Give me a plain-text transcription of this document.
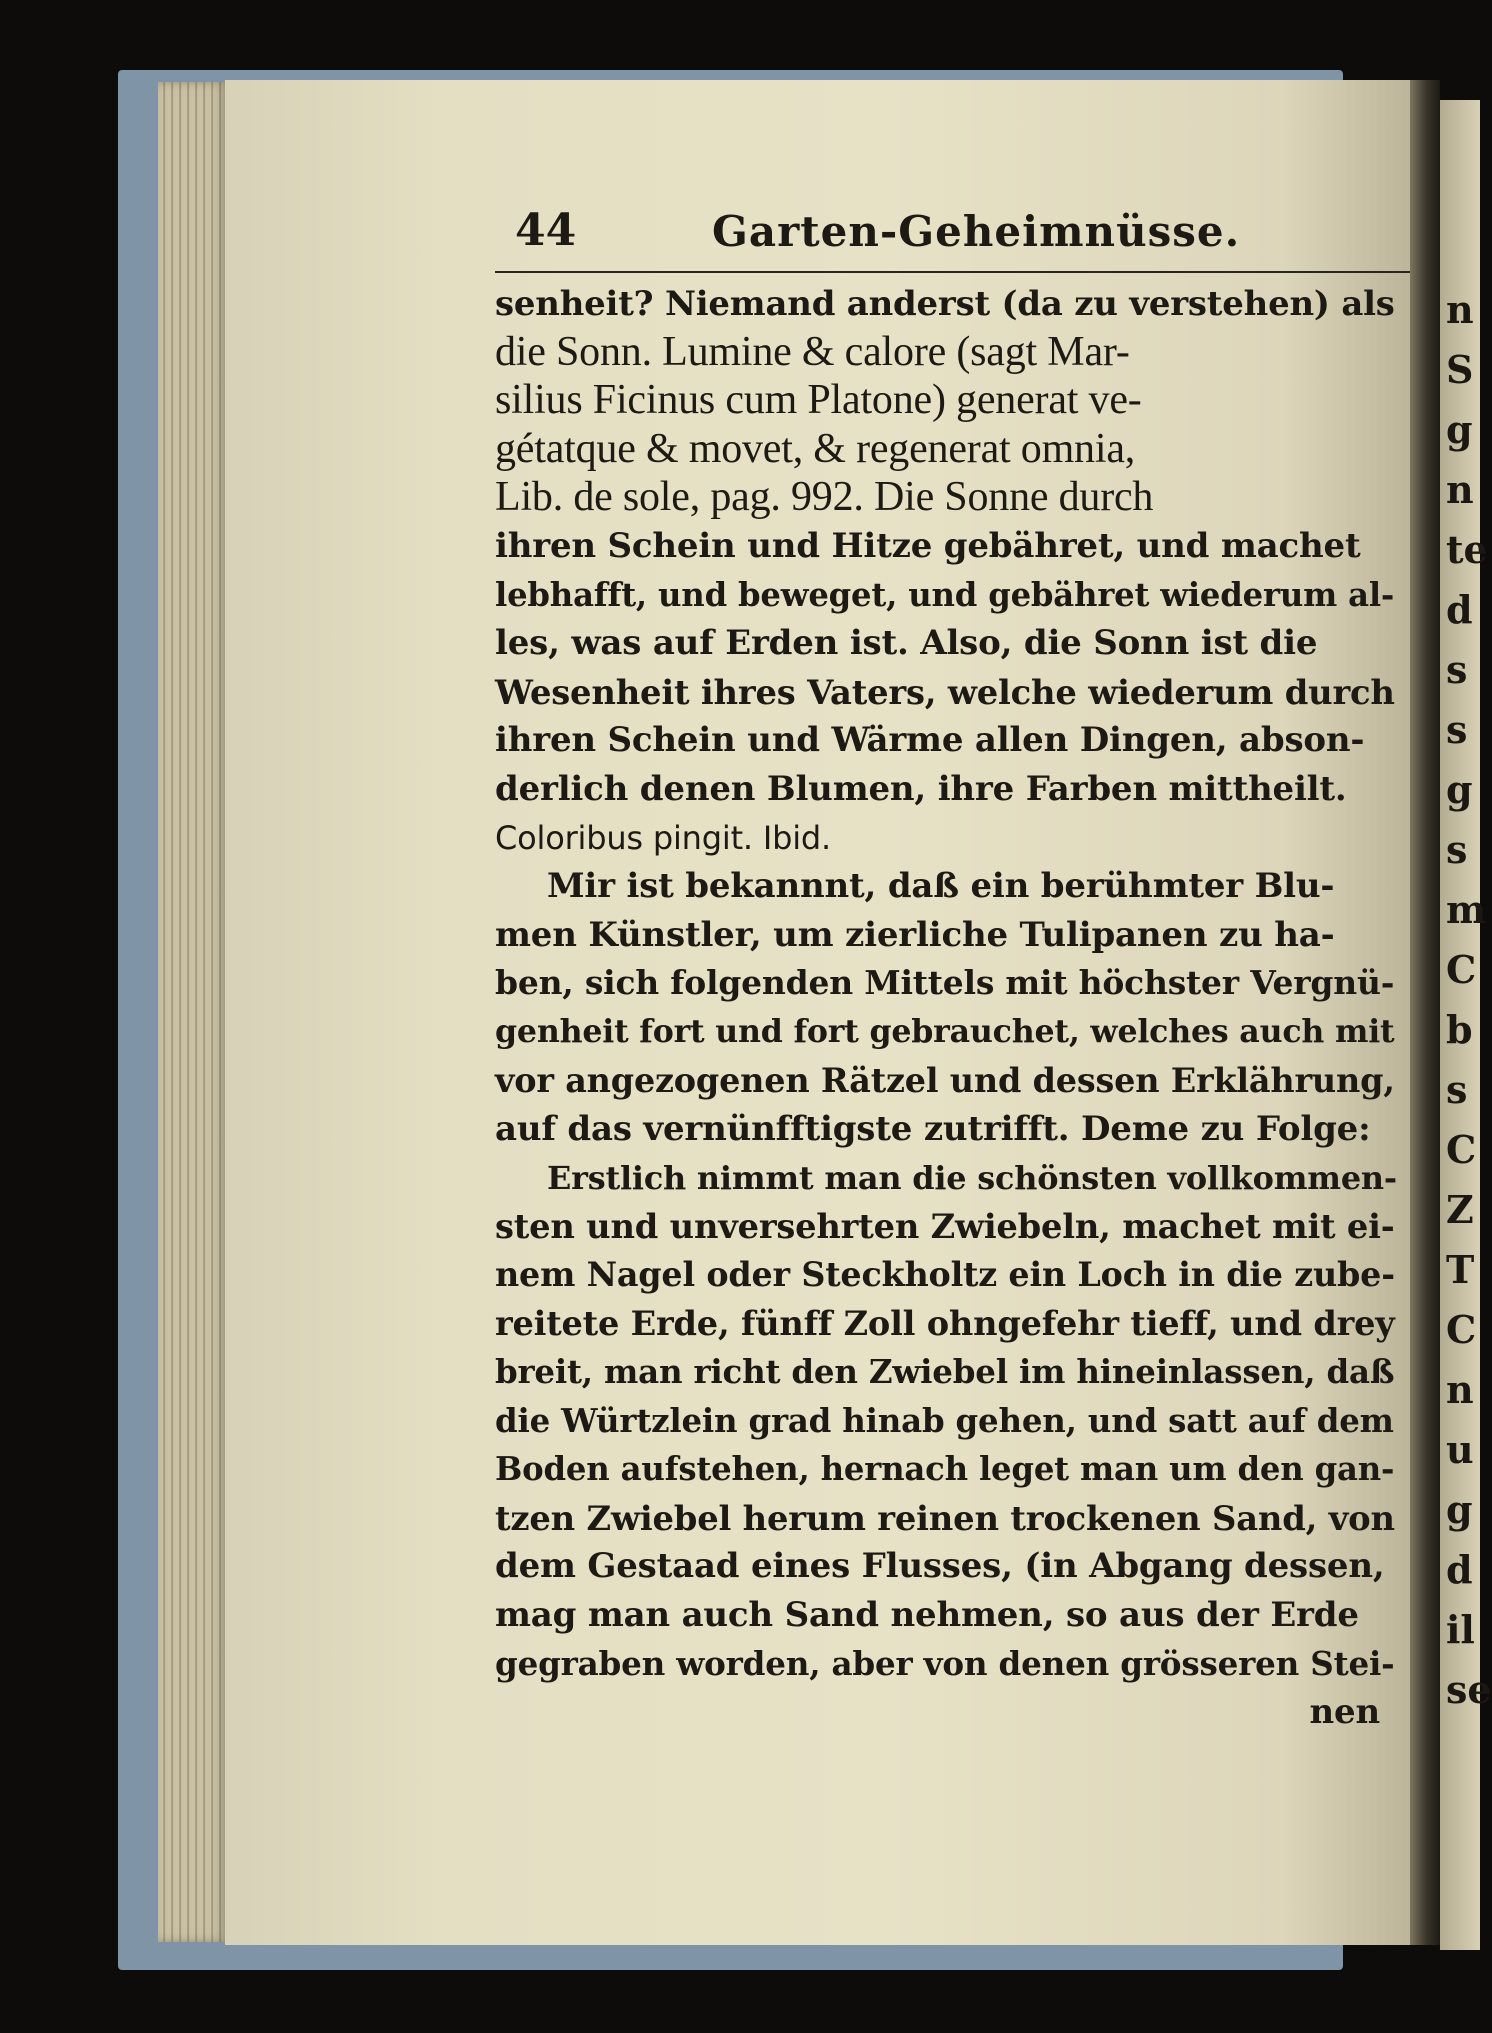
n
S
g
n
te
d
s
s
g
s
m
C
b
s
C
Z
T
C
n
u
g
d
il
se
44	Garten-Geheimnüsse.
senheit? Niemand anderst (da zu verstehen) als
die Sonn. Lumine & calore (sagt Mar-
silius Ficinus cum Platone) generat ve-
gétatque & movet, & regenerat omnia,
Lib. de sole, pag. 992. Die Sonne durch
ihren Schein und Hitze gebähret, und machet
lebhafft, und beweget, und gebähret wiederum al-
les, was auf Erden ist. Also, die Sonn ist die
Wesenheit ihres Vaters, welche wiederum durch
ihren Schein und Wärme allen Dingen, abson-
derlich denen Blumen, ihre Farben mittheilt.
Coloribus pingit. Ibid.
Mir ist bekannnt, daß ein berühmter Blu-
men Künstler, um zierliche Tulipanen zu ha-
ben, sich folgenden Mittels mit höchster Vergnü-
genheit fort und fort gebrauchet, welches auch mit
vor angezogenen Rätzel und dessen Erklährung,
auf das vernünfftigste zutrifft. Deme zu Folge:
Erstlich nimmt man die schönsten vollkommen-
sten und unversehrten Zwiebeln, machet mit ei-
nem Nagel oder Steckholtz ein Loch in die zube-
reitete Erde, fünff Zoll ohngefehr tieff, und drey
breit, man richt den Zwiebel im hineinlassen, daß
die Würtzlein grad hinab gehen, und satt auf dem
Boden aufstehen, hernach leget man um den gan-
tzen Zwiebel herum reinen trockenen Sand, von
dem Gestaad eines Flusses, (in Abgang dessen,
mag man auch Sand nehmen, so aus der Erde
gegraben worden, aber von denen grösseren Stei-
nen
